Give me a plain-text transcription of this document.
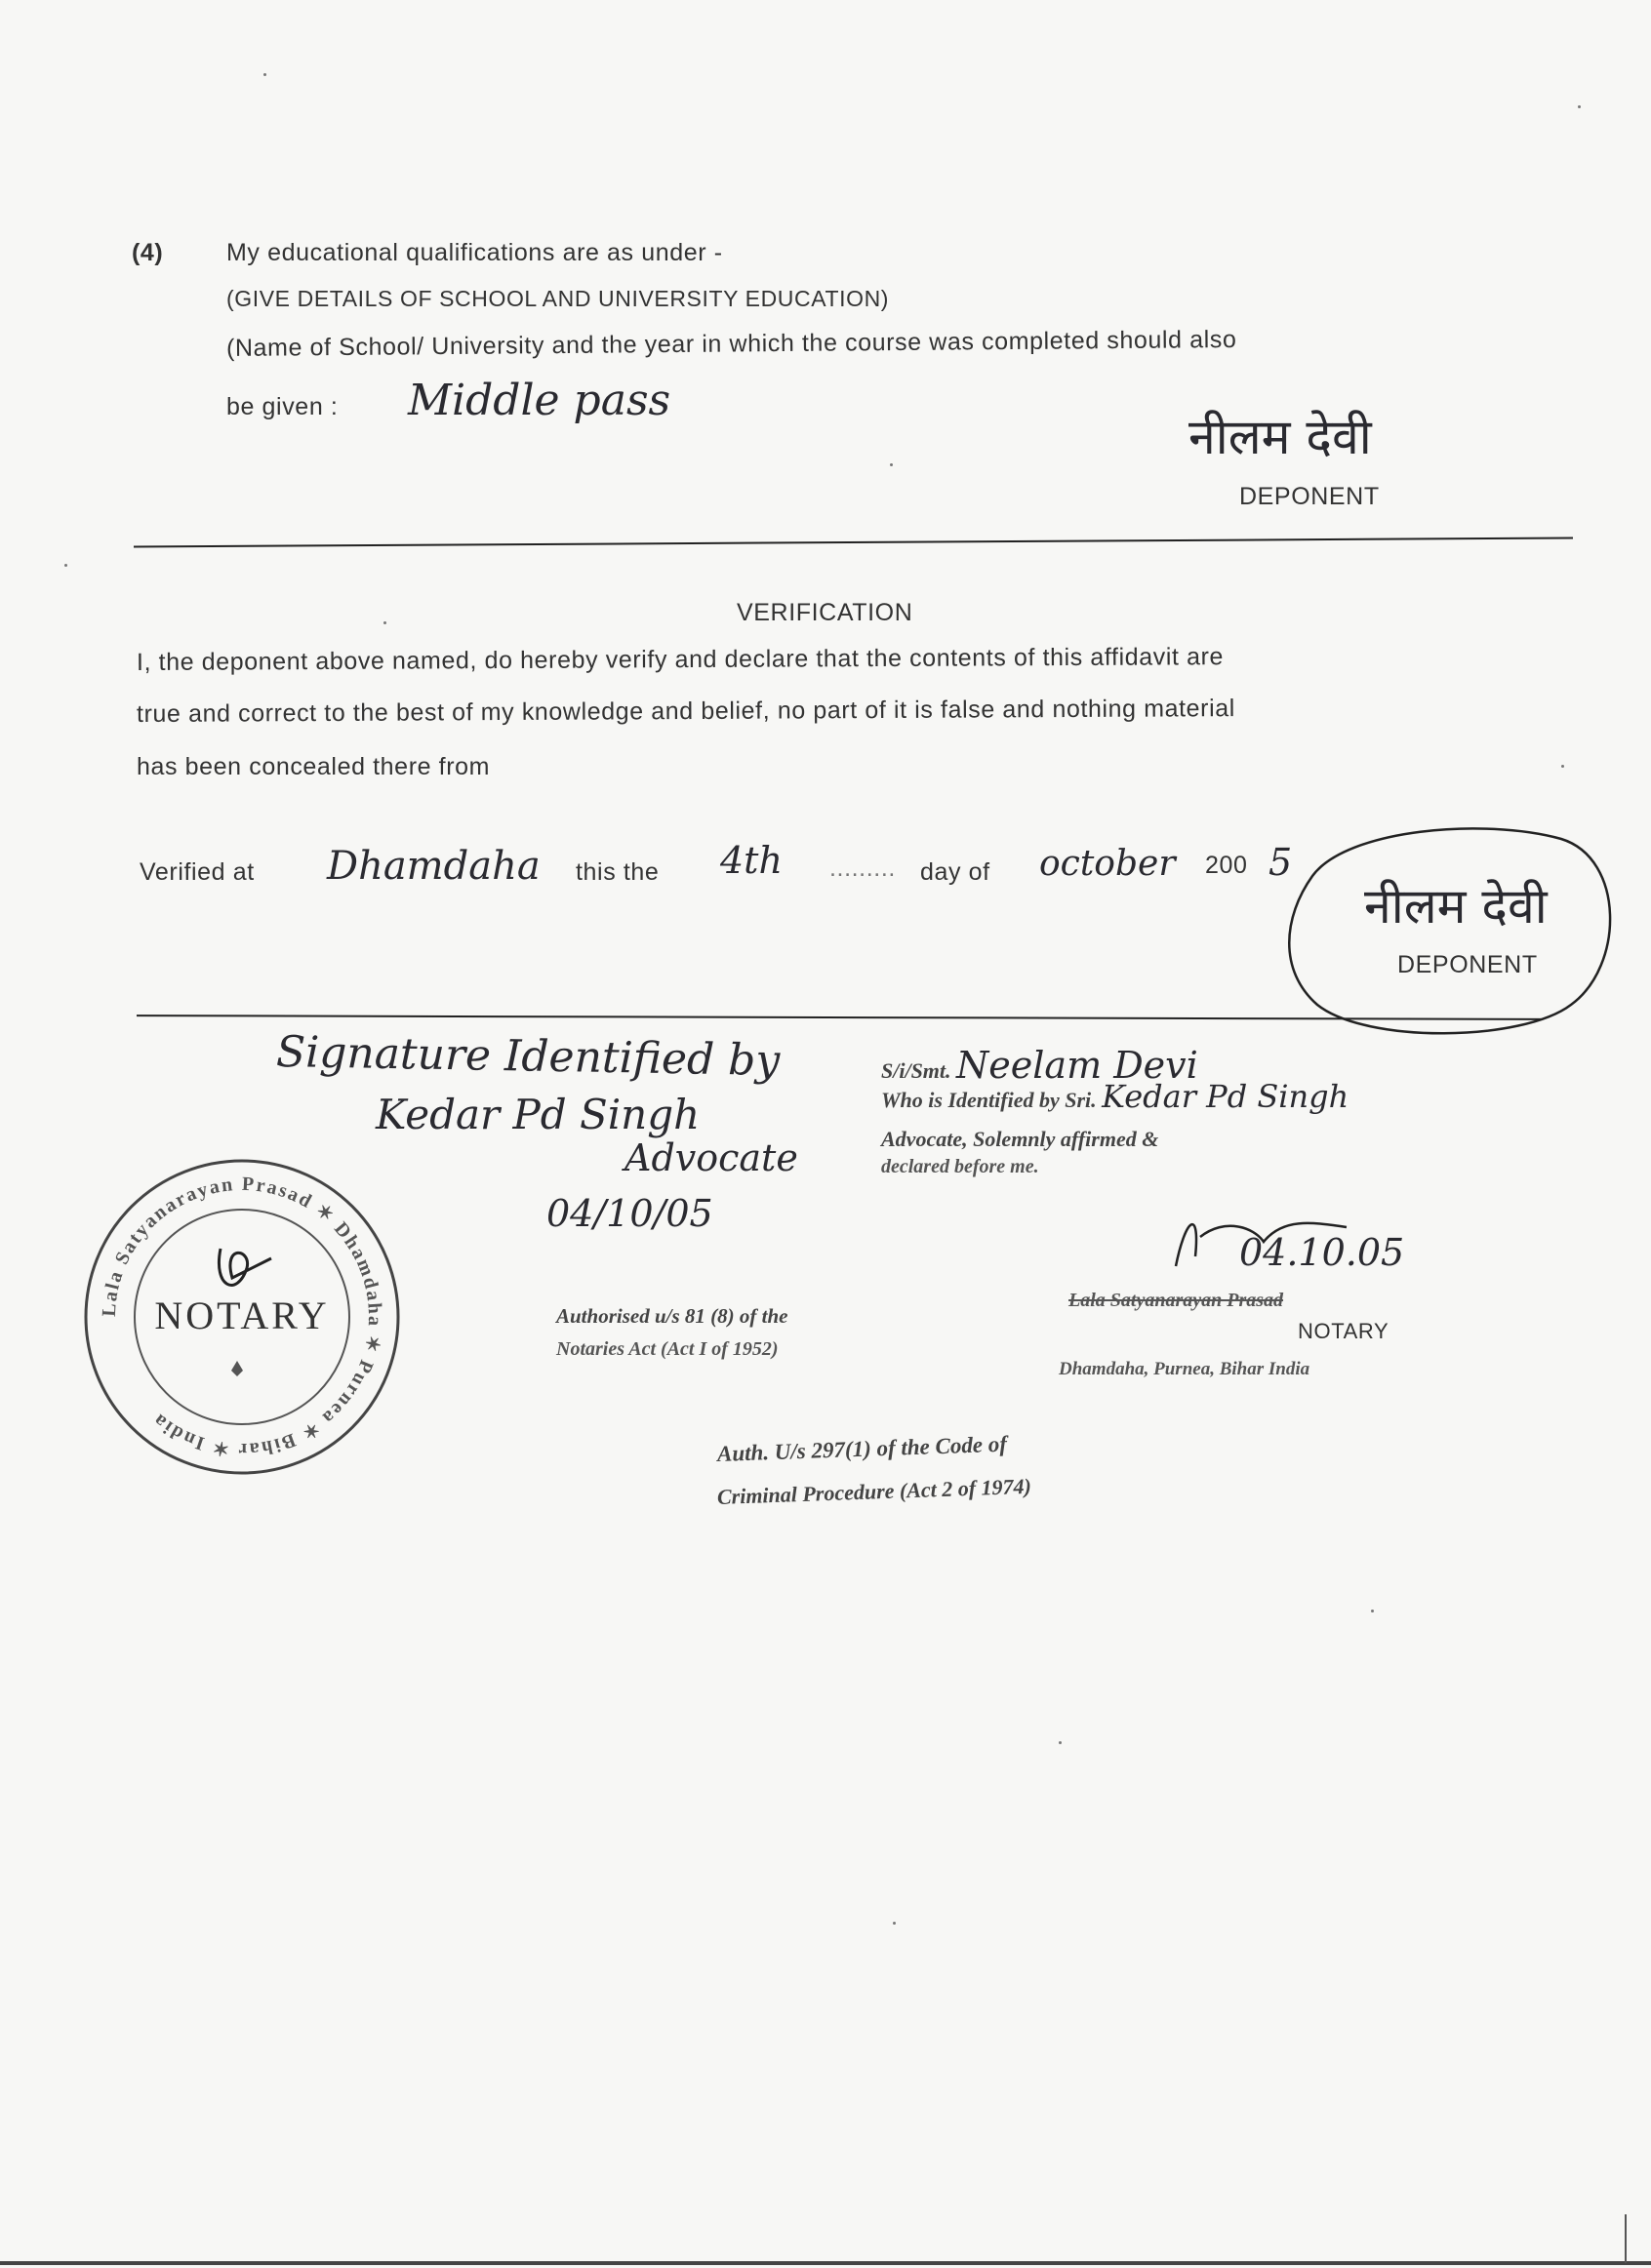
(4)	My educational qualifications are as under -
(GIVE DETAILS OF SCHOOL AND UNIVERSITY EDUCATION)
(Name of School/ University and the year in which the course was completed should also
be given : Middle pass
नीलम देवी
DEPONENT
VERIFICATION
I, the deponent above named, do hereby verify and declare that the contents of this affidavit are
true and correct to the best of my knowledge and belief, no part of it is false and nothing material
has been concealed there from
Verified at Dhamdaha this the 4th ......... day of october 200 5
नीलम देवी
DEPONENT
Signature Identified by
Kedar Pd Singh
Advocate
04/10/05
S/i/Smt. Neelam Devi
Who is Identified by Sri. Kedar Pd Singh
Advocate, Solemnly affirmed &
declared before me.
Lala Satyanarayan Prasad ✶ Dhamdaha ✶ Purnea ✶ Bihar ✶ India
NOTARY	Authorised u/s 81 (8) of the
Notaries Act (Act I of 1952)
04.10.05
Lala Satyanarayan Prasad
NOTARY
Dhamdaha, Purnea, Bihar India
Auth. U/s 297(1) of the Code of
Criminal Procedure (Act 2 of 1974)
